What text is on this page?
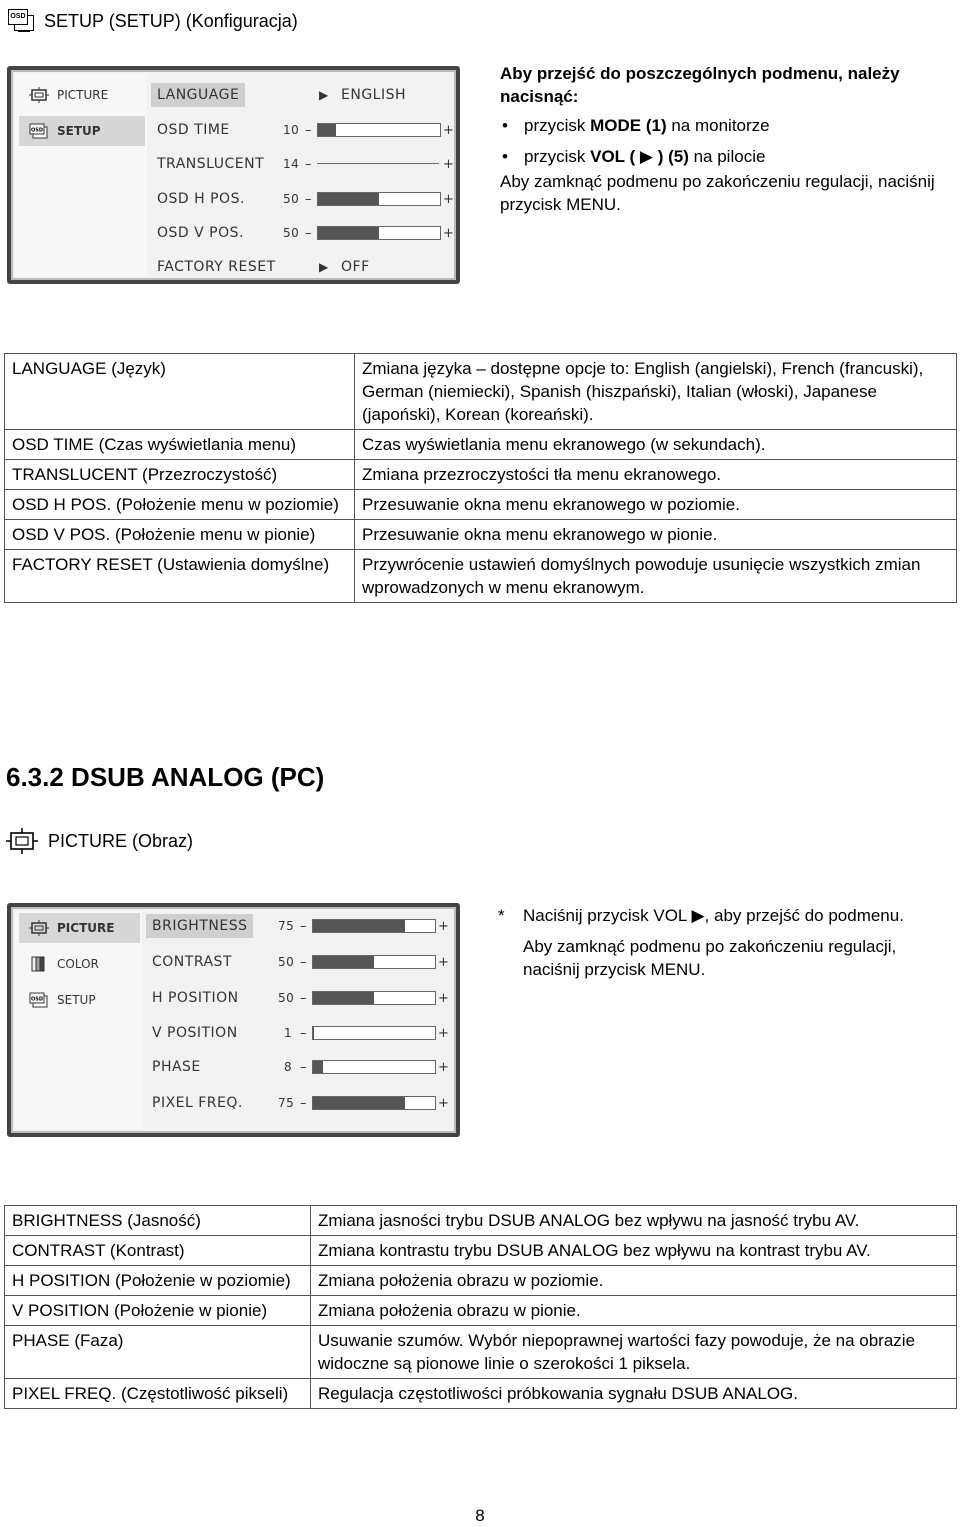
OSD SETUP (SETUP) (Konfiguracja)
PICTURE
OSD SETUP
LANGUAGE	▶ ENGLISH
OSD TIME	10 –	+
TRANSLUCENT 14 –	+
OSD H POS.	50 –	+
OSD V POS.	50 –	+
FACTORY RESET	▶ OFF

Aby przejść do poszczególnych podmenu, należy nacisnąć:

• przycisk MODE (1) na monitorze
• przycisk VOL ( ▶ ) (5) na pilocie

Aby zamknąć podmenu po zakończeniu regulacji, naciśnij przycisk MENU.

LANGUAGE (Język)	Zmiana języka – dostępne opcje to: English (angielski), French (francuski), German (niemiecki), Spanish (hiszpański), Italian (włoski), Japanese (japoński), Korean (koreański).
OSD TIME (Czas wyświetlania menu)	Czas wyświetlania menu ekranowego (w sekundach).
TRANSLUCENT (Przezroczystość)	Zmiana przezroczystości tła menu ekranowego.
OSD H POS. (Położenie menu w poziomie)	Przesuwanie okna menu ekranowego w poziomie.
OSD V POS. (Położenie menu w pionie)	Przesuwanie okna menu ekranowego w pionie.
FACTORY RESET (Ustawienia domyślne)	Przywrócenie ustawień domyślnych powoduje usunięcie wszystkich zmian wprowadzonych w menu ekranowym.
6.3.2 DSUB ANALOG (PC)
PICTURE (Obraz)
PICTURE
COLOR
OSD SETUP
BRIGHTNESS	75 –	+
CONTRAST	50 –	+
H POSITION	50 –	+
V POSITION	1 –	+
PHASE	8 –	+
PIXEL FREQ.	75 –	+
*	Naciśnij przycisk VOL ▶, aby przejść do podmenu.

Aby zamknąć podmenu po zakończeniu regulacji, naciśnij przycisk MENU.

BRIGHTNESS (Jasność)	Zmiana jasności trybu DSUB ANALOG bez wpływu na jasność trybu AV.
CONTRAST (Kontrast)	Zmiana kontrastu trybu DSUB ANALOG bez wpływu na kontrast trybu AV.
H POSITION (Położenie w poziomie)	Zmiana położenia obrazu w poziomie.
V POSITION (Położenie w pionie)	Zmiana położenia obrazu w pionie.
PHASE (Faza)	Usuwanie szumów. Wybór niepoprawnej wartości fazy powoduje, że na obrazie widoczne są pionowe linie o szerokości 1 piksela.
PIXEL FREQ. (Częstotliwość pikseli)	Regulacja częstotliwości próbkowania sygnału DSUB ANALOG.
8
